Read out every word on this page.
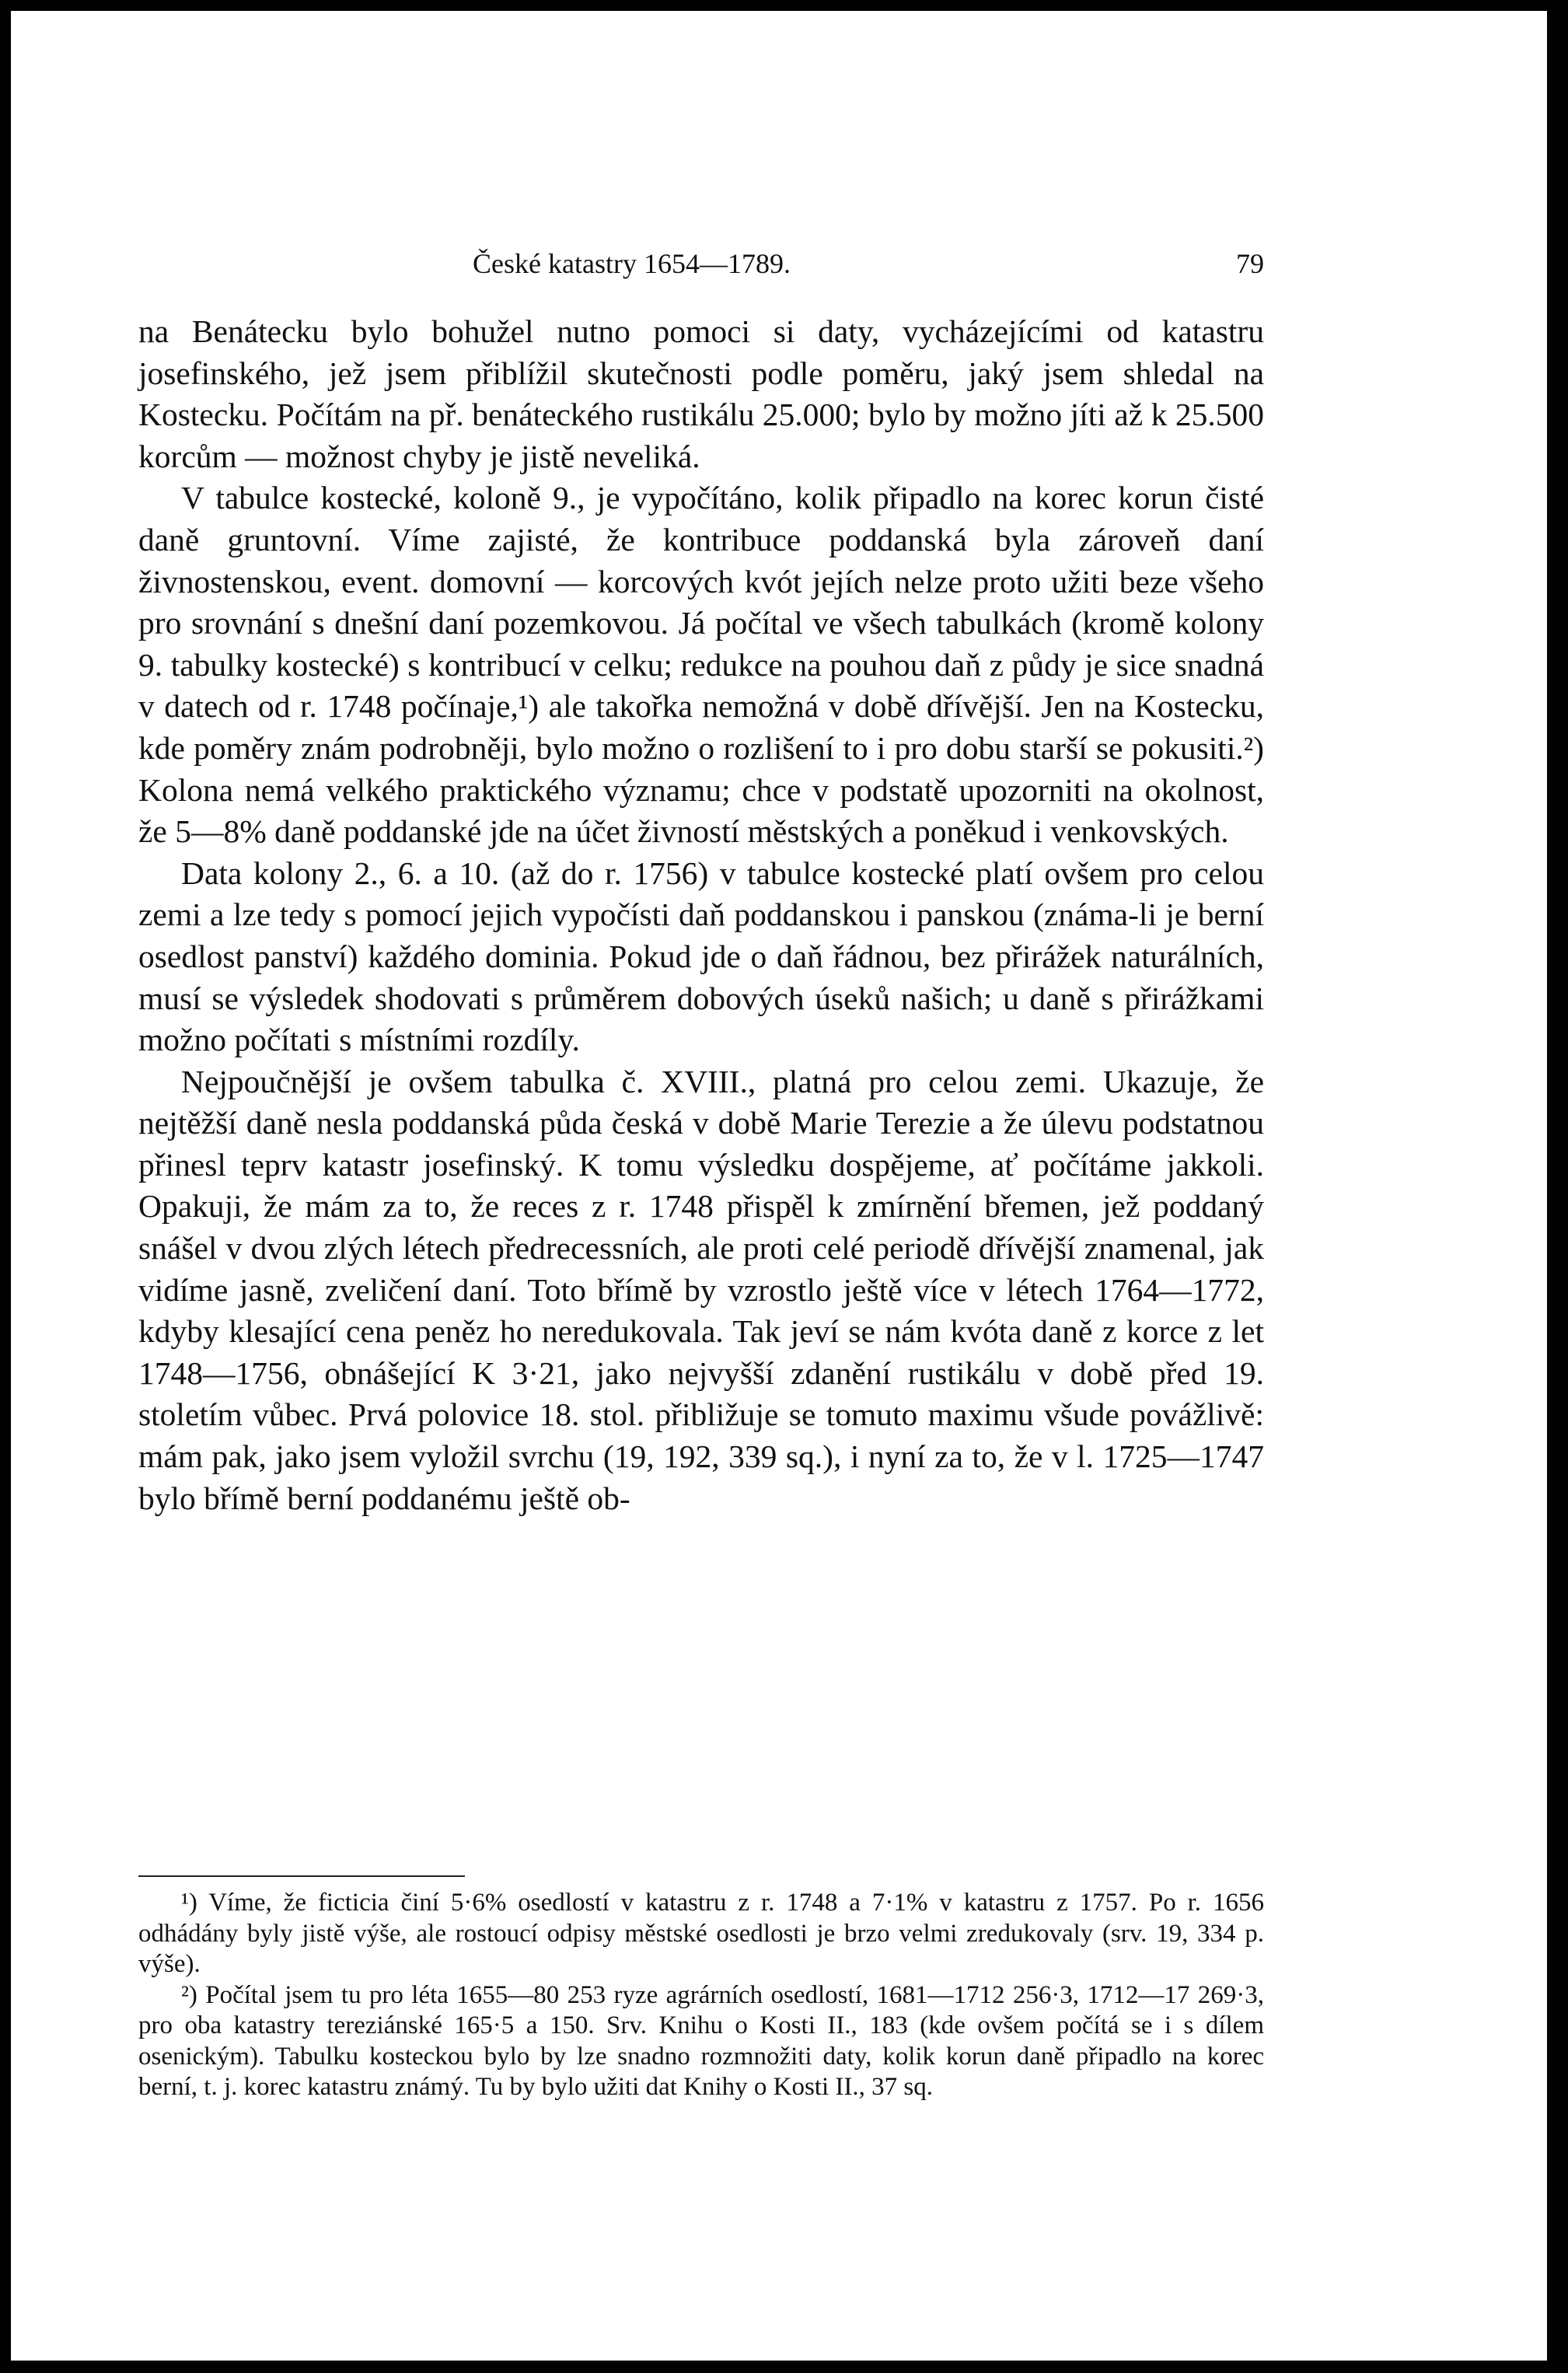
České katastry 1654—1789.	79

na Benátecku bylo bohužel nutno pomoci si daty, vycházejícími od katastru josefinského, jež jsem přiblížil skutečnosti podle poměru, jaký jsem shledal na Kostecku. Počítám na př. benáteckého rustikálu 25.000; bylo by možno jíti až k 25.500 korcům — možnost chyby je jistě neveliká.

V tabulce kostecké, koloně 9., je vypočítáno, kolik připadlo na korec korun čisté daně gruntovní. Víme zajisté, že kontribuce poddanská byla zároveň daní živnostenskou, event. domovní — korcových kvót jejích nelze proto užiti beze všeho pro srovnání s dnešní daní pozemkovou. Já počítal ve všech tabulkách (kromě kolony 9. tabulky kostecké) s kontribucí v celku; redukce na pouhou daň z půdy je sice snadná v datech od r. 1748 počínaje,¹) ale takořka nemožná v době dřívější. Jen na Kostecku, kde poměry znám podrobněji, bylo možno o rozlišení to i pro dobu starší se pokusiti.²) Kolona nemá velkého praktického významu; chce v podstatě upozorniti na okolnost, že 5—8% daně poddanské jde na účet živností městských a poněkud i venkovských.

Data kolony 2., 6. a 10. (až do r. 1756) v tabulce kostecké platí ovšem pro celou zemi a lze tedy s pomocí jejich vypočísti daň poddanskou i panskou (známa-li je berní osedlost panství) každého dominia. Pokud jde o daň řádnou, bez přirážek naturálních, musí se výsledek shodovati s průměrem dobových úseků našich; u daně s přirážkami možno počítati s místními rozdíly.

Nejpoučnější je ovšem tabulka č. XVIII., platná pro celou zemi. Ukazuje, že nejtěžší daně nesla poddanská půda česká v době Marie Terezie a že úlevu podstatnou přinesl teprv katastr josefinský. K tomu výsledku dospějeme, ať počítáme jakkoli. Opakuji, že mám za to, že reces z r. 1748 přispěl k zmírnění břemen, jež poddaný snášel v dvou zlých létech předrecessních, ale proti celé periodě dřívější znamenal, jak vidíme jasně, zveličení daní. Toto břímě by vzrostlo ještě více v létech 1764—1772, kdyby klesající cena peněz ho neredukovala. Tak jeví se nám kvóta daně z korce z let 1748—1756, obnášející K 3·21, jako nejvyšší zdanění rustikálu v době před 19. stoletím vůbec. Prvá polovice 18. stol. přibližuje se tomuto maximu všude povážlivě: mám pak, jako jsem vyložil svrchu (19, 192, 339 sq.), i nyní za to, že v l. 1725—1747 bylo břímě berní poddanému ještě ob-

¹) Víme, že ficticia činí 5·6% osedlostí v katastru z r. 1748 a 7·1% v katastru z 1757. Po r. 1656 odhádány byly jistě výše, ale rostoucí odpisy městské osedlosti je brzo velmi zredukovaly (srv. 19, 334 p. výše).

²) Počítal jsem tu pro léta 1655—80 253 ryze agrárních osedlostí, 1681—1712 256·3, 1712—17 269·3, pro oba katastry tereziánské 165·5 a 150. Srv. Knihu o Kosti II., 183 (kde ovšem počítá se i s dílem osenickým). Tabulku kosteckou bylo by lze snadno rozmnožiti daty, kolik korun daně připadlo na korec berní, t. j. korec katastru známý. Tu by bylo užiti dat Knihy o Kosti II., 37 sq.
